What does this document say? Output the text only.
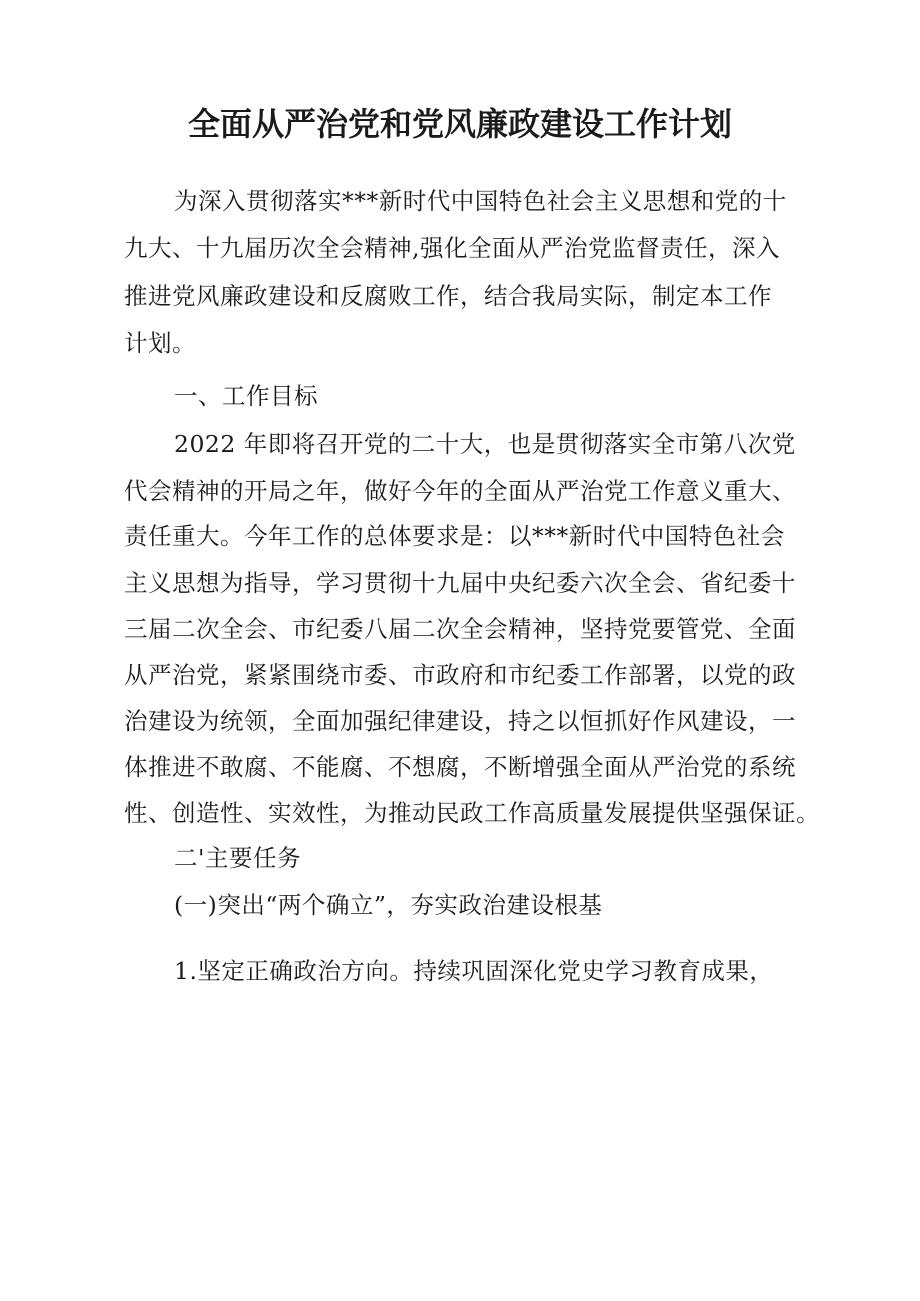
全面从严治党和党风廉政建设工作计划
为深入贯彻落实***新时代中国特色社会主义思想和党的十
九大、十九届历次全会精神,强化全面从严治党监督责任，深入
推进党风廉政建设和反腐败工作，结合我局实际，制定本工作
计划。
一、工作目标
2022 年即将召开党的二十大，也是贯彻落实全市第八次党
代会精神的开局之年，做好今年的全面从严治党工作意义重大、
责任重大。今年工作的总体要求是：以***新时代中国特色社会
主义思想为指导，学习贯彻十九届中央纪委六次全会、省纪委十
三届二次全会、市纪委八届二次全会精神，坚持党要管党、全面
从严治党，紧紧围绕市委、市政府和市纪委工作部署，以党的政
治建设为统领，全面加强纪律建设，持之以恒抓好作风建设，一
体推进不敢腐、不能腐、不想腐，不断增强全面从严治党的系统
性、创造性、实效性，为推动民政工作高质量发展提供坚强保证。
二'主要任务
(一)突出“两个确立”，夯实政治建设根基
1.坚定正确政治方向。持续巩固深化党史学习教育成果，
